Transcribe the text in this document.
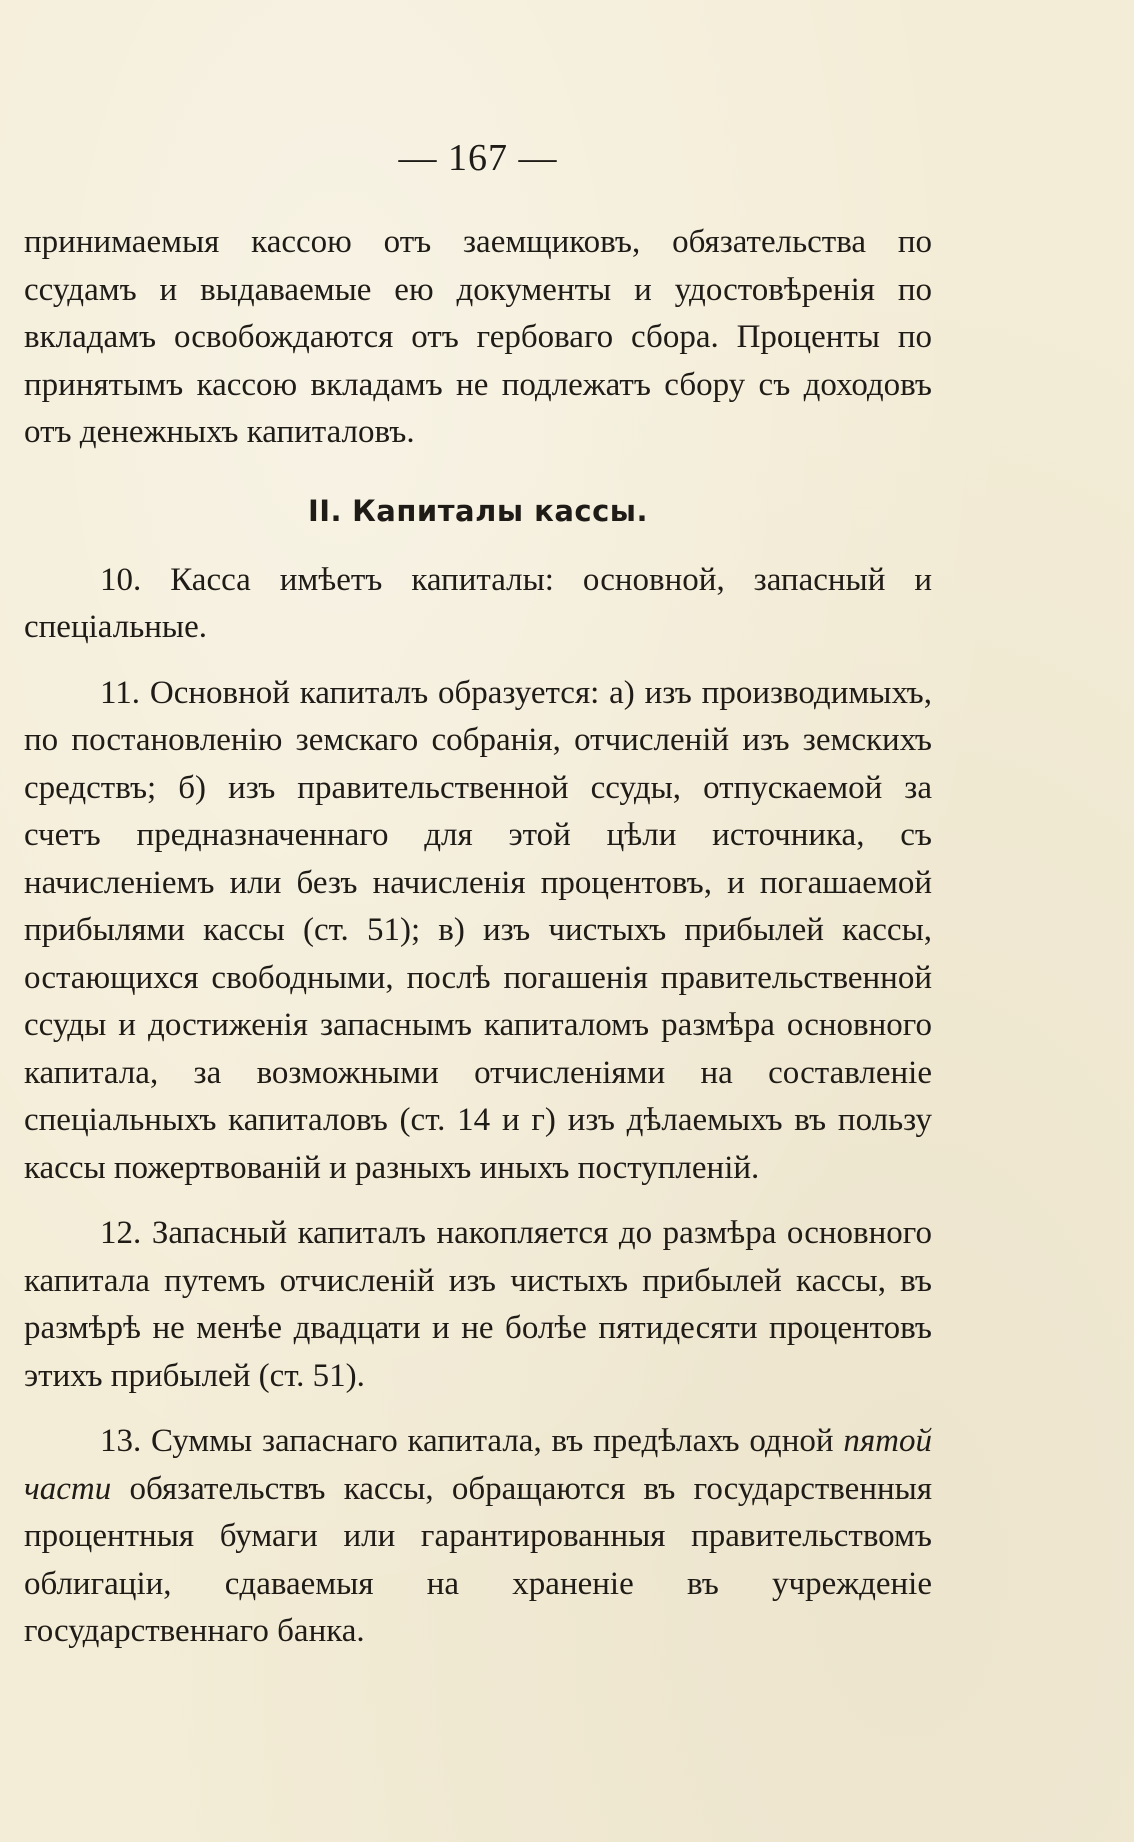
— 167 —

принимаемыя кассою отъ заемщиковъ, обязательства по ссудамъ и выдаваемые ею документы и удостовѣренія по вкладамъ освобождаются отъ гербоваго сбора. Проценты по принятымъ кассою вкладамъ не подлежатъ сбору съ доходовъ отъ денежныхъ капиталовъ.

II. Капиталы кассы.

10. Касса имѣетъ капиталы: основной, запасный и спеціальные.

11. Основной капиталъ образуется: а) изъ производимыхъ, по постановленію земскаго собранія, отчисленій изъ земскихъ средствъ; б) изъ правительственной ссуды, отпускаемой за счетъ предназначеннаго для этой цѣли источника, съ начисленіемъ или безъ начисленія процентовъ, и погашаемой прибылями кассы (ст. 51); в) изъ чистыхъ прибылей кассы, остающихся свободными, послѣ погашенія правительственной ссуды и достиженія запаснымъ капиталомъ размѣра основного капитала, за возможными отчисленіями на составленіе спеціальныхъ капиталовъ (ст. 14 и г) изъ дѣлаемыхъ въ пользу кассы пожертвованій и разныхъ иныхъ поступленій.

12. Запасный капиталъ накопляется до размѣра основного капитала путемъ отчисленій изъ чистыхъ прибылей кассы, въ размѣрѣ не менѣе двадцати и не болѣе пятидесяти процентовъ этихъ прибылей (ст. 51).

13. Суммы запаснаго капитала, въ предѣлахъ одной пятой части обязательствъ кассы, обращаются въ государственныя процентныя бумаги или гарантированныя правительствомъ облигаціи, сдаваемыя на храненіе въ учрежденіе государственнаго банка.
